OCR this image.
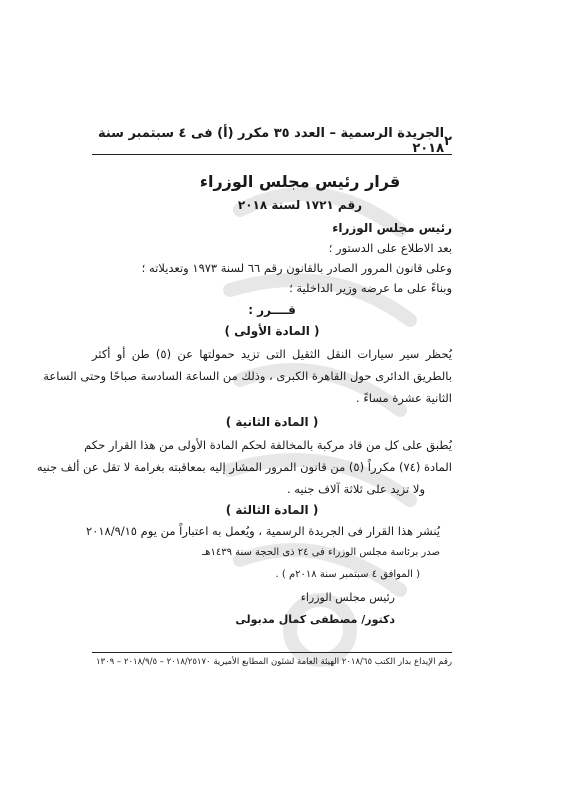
٢
الجريدة الرسمية – العدد ٣٥ مكرر (أ) فى ٤ سبتمبر سنة ٢٠١٨
قرار رئيس مجلس الوزراء
رقم ١٧٢١ لسنة ٢٠١٨
رئيس مجلس الوزراء
بعد الاطلاع على الدستور ؛
وعلى قانون المرور الصادر بالقانون رقم ٦٦ لسنة ١٩٧٣ وتعديلاته ؛
وبناءً على ما عرضه وزير الداخلية ؛
قــــرر :
( المادة الأولى )
يُحظر سير سيارات النقل الثقيل التى تزيد حمولتها عن (٥) طن أو أكثر
بالطريق الدائرى حول القاهرة الكبرى ، وذلك من الساعة السادسة صباحًا وحتى الساعة
الثانية عشرة مساءً .
( المادة الثانية )
يُطبق على كل من قاد مركبة بالمخالفة لحكم المادة الأولى من هذا القرار حكم
المادة (٧٤) مكرراً (٥) من قانون المرور المشار إليه بمعاقبته بغرامة لا تقل عن ألف جنيه
ولا تزيد على ثلاثة آلاف جنيه .
( المادة الثالثة )
يُنشر هذا القرار فى الجريدة الرسمية ، ويُعمل به اعتباراً من يوم ٢٠١٨/٩/١٥
صدر برئاسة مجلس الوزراء فى ٢٤ ذى الحجة سنة ١٤٣٩هـ
( الموافق ٤ سبتمبر سنة ٢٠١٨م ) .
رئيس مجلس الوزراء
دكتور/ مصطفى كمال مدبولى
رقم الإيداع بدار الكتب ٢٠١٨/٦٥ الهيئة العامة لشئون المطابع الأميرية ٢٠١٨/٢٥١٧٠ – ٢٠١٨/٩/٥ – ١٣٠٩
